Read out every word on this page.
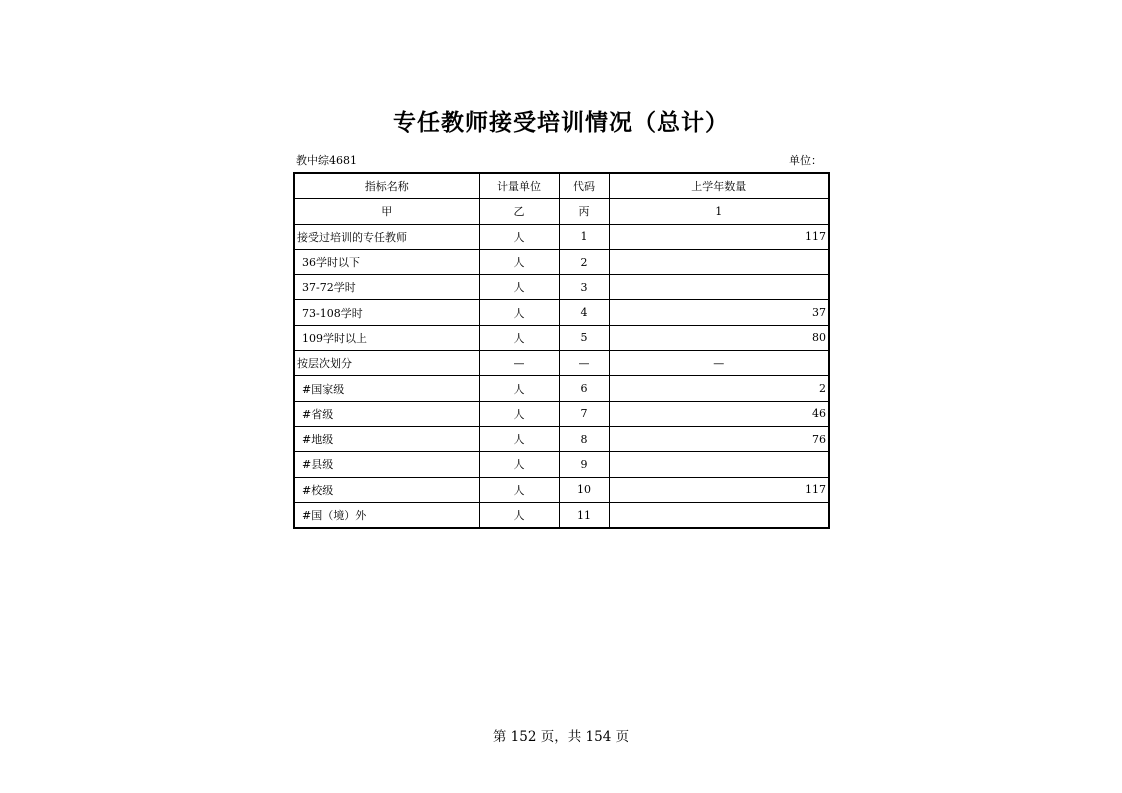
专任教师接受培训情况（总计）
教中综4681	单位：
指标名称	计量单位	代码	上学年数量
甲	乙	丙	1
接受过培训的专任教师	人	1	117
36学时以下	人	2	
37-72学时	人	3	
73-108学时	人	4	37
109学时以上	人	5	80
按层次划分	—	—	—
#国家级	人	6	2
#省级	人	7	46
#地级	人	8	76
#县级	人	9	
#校级	人	10	117
#国（境）外	人	11	
第 152 页，共 154 页
